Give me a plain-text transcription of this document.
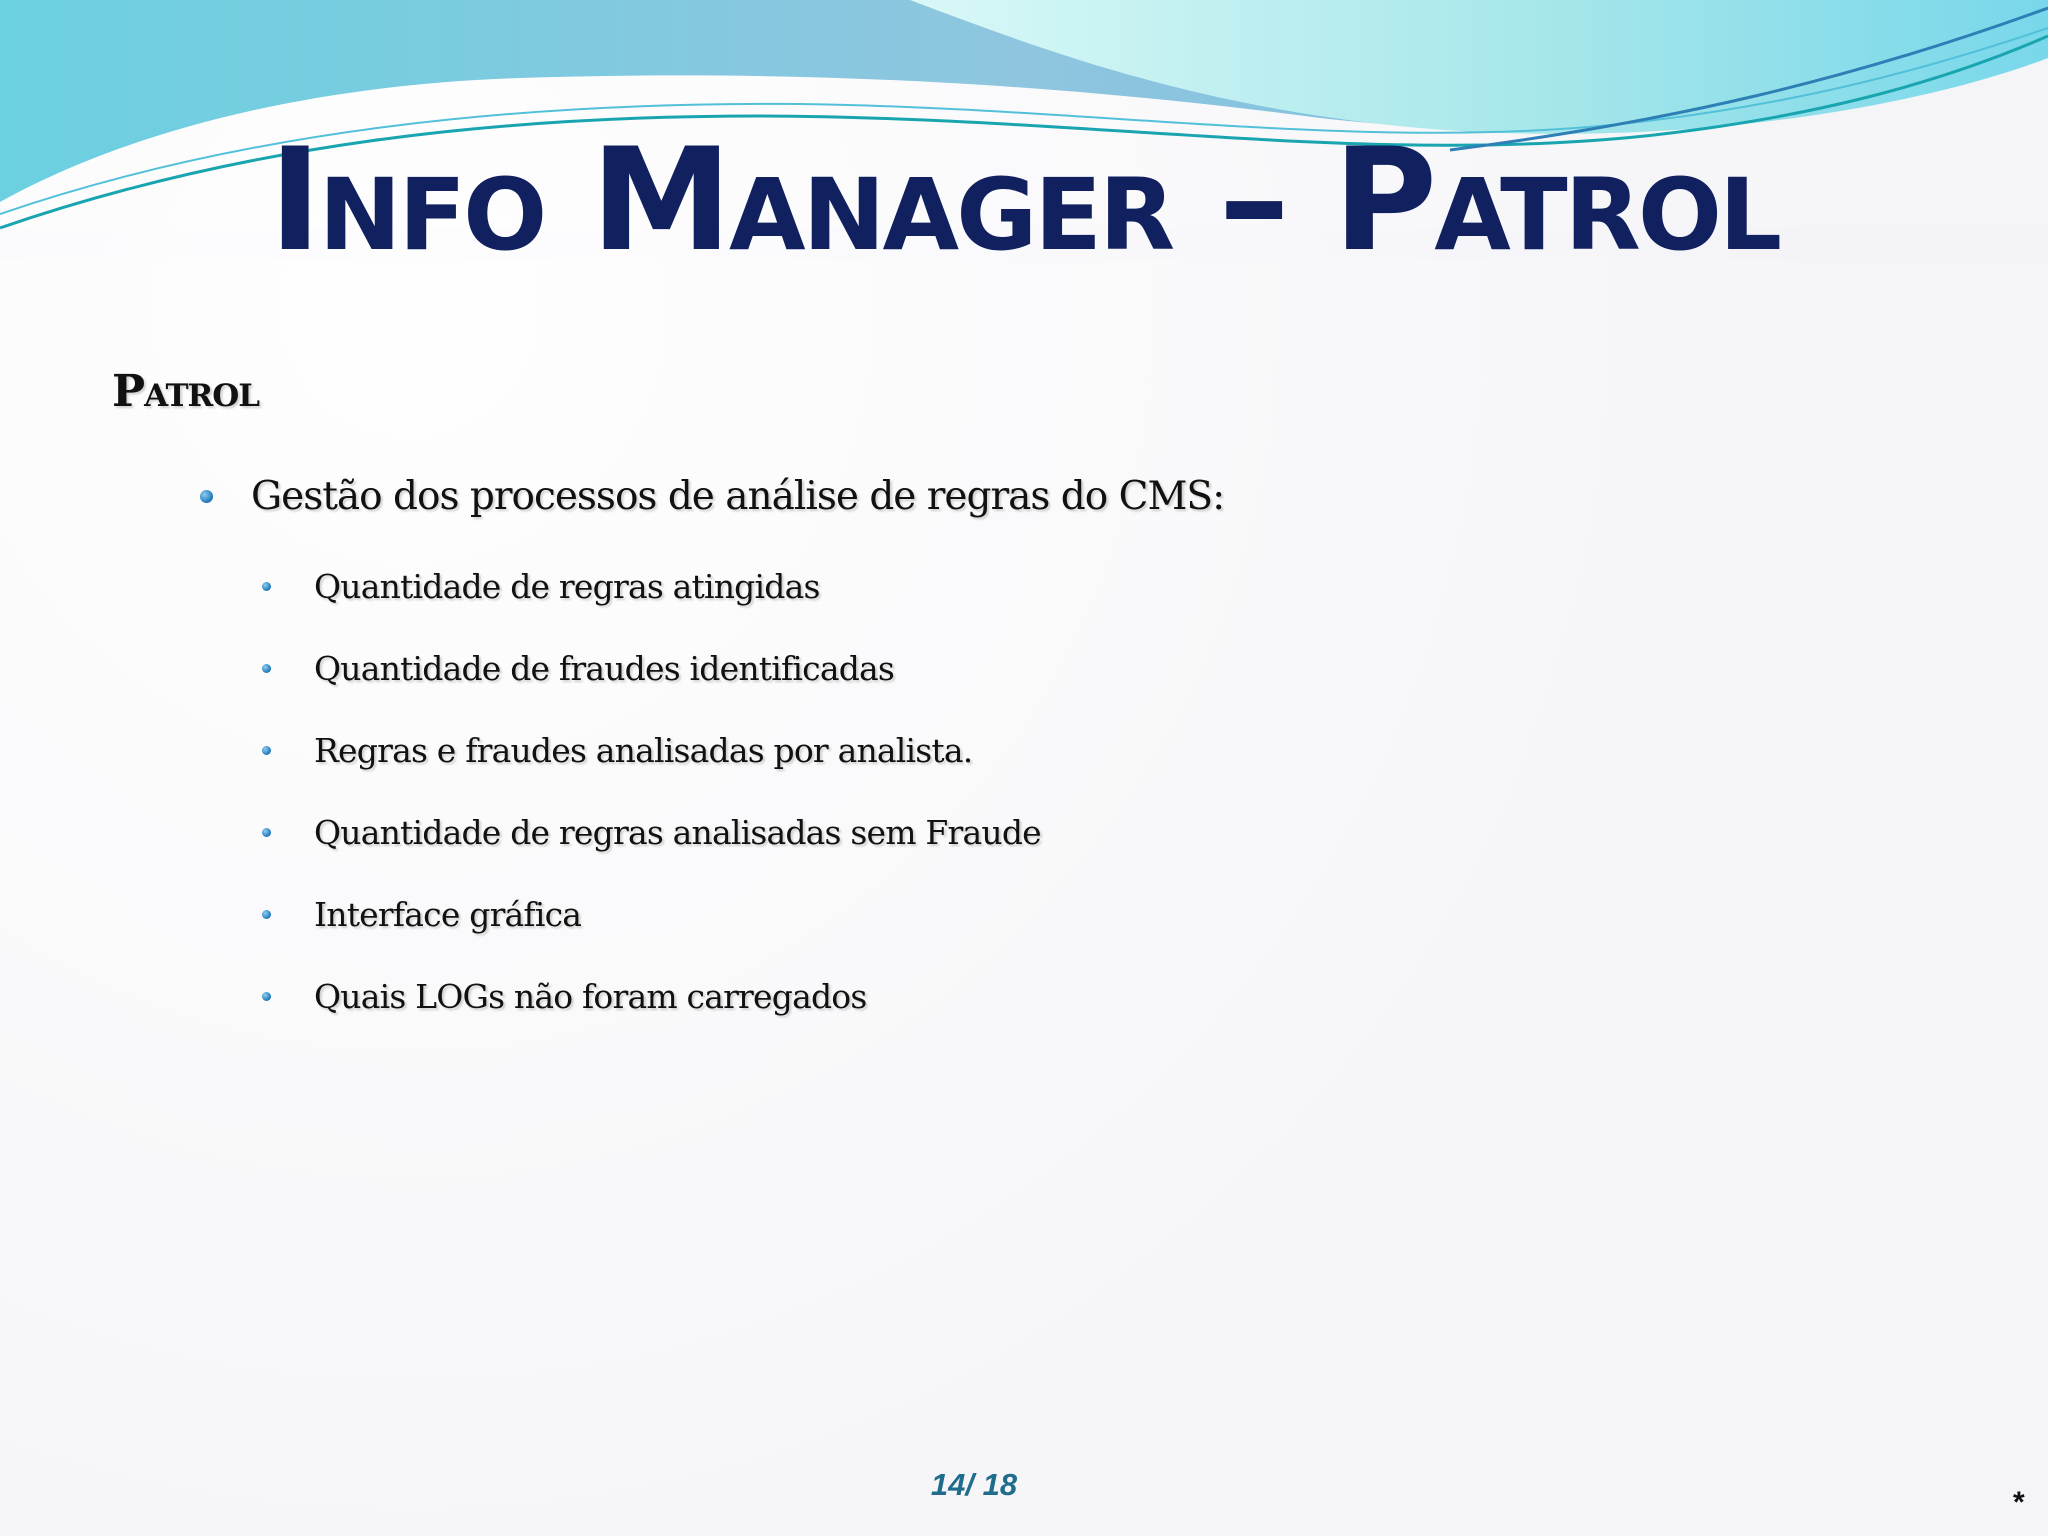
Info Manager – Patrol
Patrol
Gestão dos processos de análise de regras do CMS:
Quantidade de regras atingidas
Quantidade de fraudes identificadas
Regras e fraudes analisadas por analista.
Quantidade de regras analisadas sem Fraude
Interface gráfica
Quais LOGs não foram carregados
14/ 18
*
